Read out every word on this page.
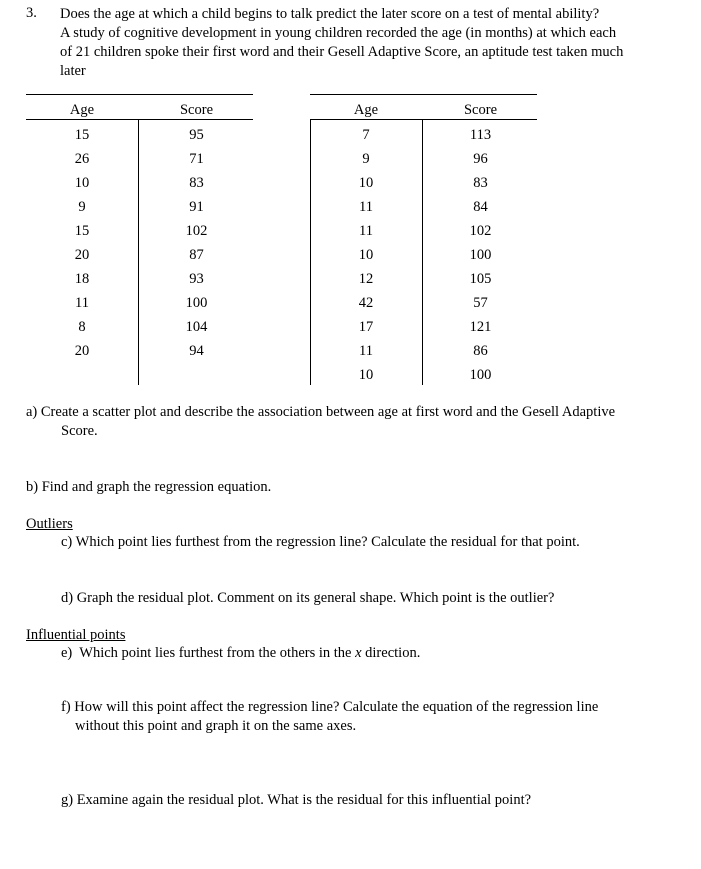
3. Does the age at which a child begins to talk predict the later score on a test of mental ability?
A study of cognitive development in young children recorded the age (in months) at which each
of 21 children spoke their first word and their Gesell Adaptive Score, an aptitude test taken much
later
Age	Score
15	95
26	71
10	83
9	91
15	102
20	87
18	93
11	100
8	104
20	94
Age	Score
7	113
9	96
10	83
11	84
11	102
10	100
12	105
42	57
17	121
11	86
10	100
a) Create a scatter plot and describe the association between age at first word and the Gesell Adaptive
Score.
b) Find and graph the regression equation.
Outliers
c) Which point lies furthest from the regression line? Calculate the residual for that point.
d) Graph the residual plot. Comment on its general shape. Which point is the outlier?
Influential points
e)  Which point lies furthest from the others in the x direction.
f) How will this point affect the regression line? Calculate the equation of the regression line
without this point and graph it on the same axes.
g) Examine again the residual plot. What is the residual for this influential point?
